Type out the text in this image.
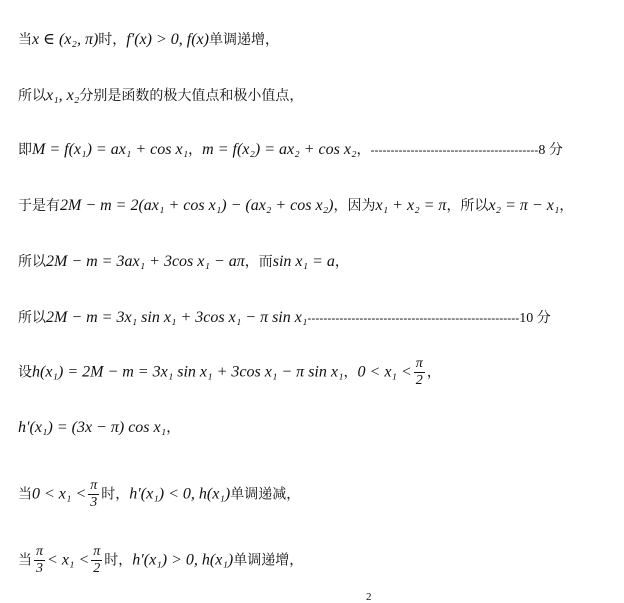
当x ∈ (x₂, π)时，f′(x) > 0, f(x)单调递增，
所以x₁, x₂分别是函数的极大值点和极小值点，
即M = f(x₁) = ax₁ + cos x₁，m = f(x₂) = ax₂ + cos x₂，------------------------------------------8 分
于是有2M − m = 2(ax₁ + cos x₁) − (ax₂ + cos x₂)，因为x₁ + x₂ = π，所以x₂ = π − x₁，
所以2M − m = 3ax₁ + 3cos x₁ − aπ，而sin x₁ = a，
所以2M − m = 3x₁ sin x₁ + 3cos x₁ − π sin x₁-----------------------------------------------------10 分
设h(x₁) = 2M − m = 3x₁ sin x₁ + 3cos x₁ − π sin x₁，$0 < x_1 < \frac{\pi}{2}$ ，
h′(x₁) = (3x − π) cos x₁，
当$0 < x_1 < \frac{\pi}{3}$ 时，h′(x₁) < 0, h(x₁)单调递减，
当 $\frac{\pi}{3} < x_1 < \frac{\pi}{2}$ 时，h′(x₁) > 0, h(x₁)单调递增，
2
